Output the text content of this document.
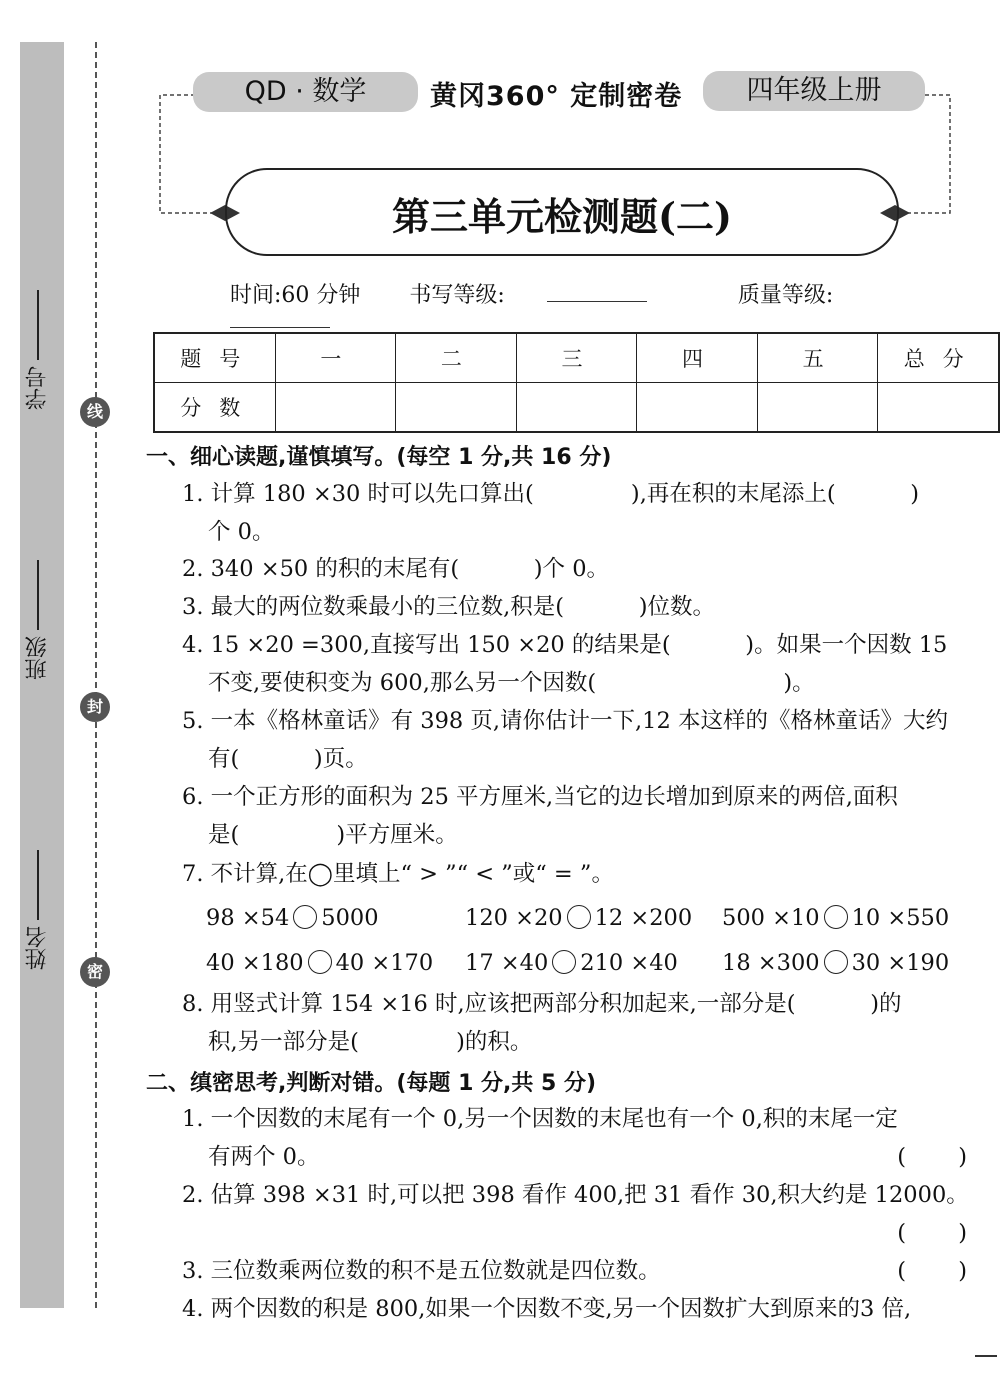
学号
班级
姓名
线
封
密
QD · 数学	黄冈360° 定制密卷	四年级上册
第三单元检测题(二)
时间:60 分钟 书写等级:	质量等级:
题号	一	二	三	四	五	总分
分数						
一、细心读题,谨慎填写。(每空 1 分,共 16 分)
1. 计算 180 ×30 时可以先口算出(　　　　 ),再在积的末尾添上(　　　 )
个 0。
2. 340 ×50 的积的末尾有(　　　 )个 0。
3. 最大的两位数乘最小的三位数,积是(　　　 )位数。
4. 15 ×20 =300,直接写出 150 ×20 的结果是(　　　 )。如果一个因数 15
不变,要使积变为 600,那么另一个因数(　　　　　　　　 )。
5. 一本《格林童话》有 398 页,请你估计一下,12 本这样的《格林童话》大约
有(　　　 )页。
6. 一个正方形的面积为 25 平方厘米,当它的边长增加到原来的两倍,面积
是(　　　　 )平方厘米。
7. 不计算,在◯里填上“ > ”“ < ”或“ = ”。
98 ×54 5000	120 ×20 12 ×200 500 ×10 10 ×550
40 ×180 40 ×170 17 ×40 210 ×40 18 ×300 30 ×190
8. 用竖式计算 154 ×16 时,应该把两部分积加起来,一部分是(　　　 )的
积,另一部分是(　　　　 )的积。
二、缜密思考,判断对错。(每题 1 分,共 5 分)
1. 一个因数的末尾有一个 0,另一个因数的末尾也有一个 0,积的末尾一定
有两个 0。	(　　 )
2. 估算 398 ×31 时,可以把 398 看作 400,把 31 看作 30,积大约是 12000。
(　　 )
3. 三位数乘两位数的积不是五位数就是四位数。	(　　 )
4. 两个因数的积是 800,如果一个因数不变,另一个因数扩大到原来的3 倍,
